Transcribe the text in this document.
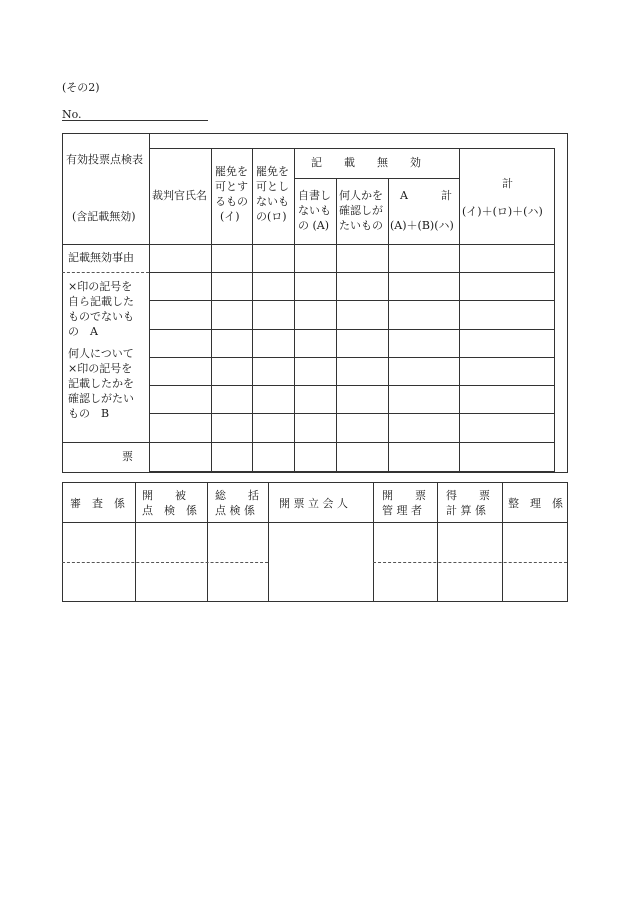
(その2)
No.
有効投票点検表
(含記載無効)
記載無効事由
×印の記号を
自ら記載した
ものでないも
の　A
何人について
×印の記号を
記載したかを
確認しがたい
もの　B
票
裁判官氏名
罷免を
可とす
るもの
(イ)
罷免を
可とし
ないも
の(ロ)
記　　載　　無　　効
自書し
ないも
の (A)
何人かを
確認しが
たいもの
A　　　計
(A)＋(B)(ハ)
計
(イ)＋(ロ)＋(ハ)
審　査　係
開　　被
点　検　係
総　　括
点 検 係
開 票 立 会 人
開　　票
管 理 者
得　　票
計 算 係
整　理　係
